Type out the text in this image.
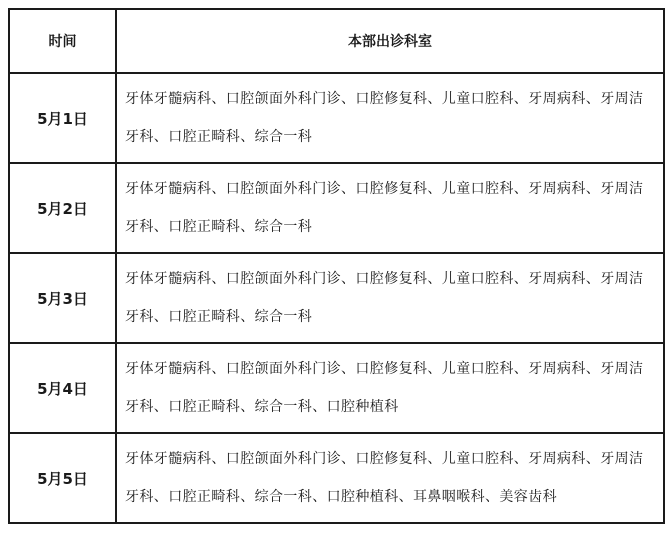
时间	本部出诊科室
5月1日	牙体牙髓病科、口腔颌面外科门诊、口腔修复科、儿童口腔科、牙周病科、牙周洁牙科、口腔正畸科、综合一科
5月2日	牙体牙髓病科、口腔颌面外科门诊、口腔修复科、儿童口腔科、牙周病科、牙周洁牙科、口腔正畸科、综合一科
5月3日	牙体牙髓病科、口腔颌面外科门诊、口腔修复科、儿童口腔科、牙周病科、牙周洁牙科、口腔正畸科、综合一科
5月4日	牙体牙髓病科、口腔颌面外科门诊、口腔修复科、儿童口腔科、牙周病科、牙周洁牙科、口腔正畸科、综合一科、口腔种植科
5月5日	牙体牙髓病科、口腔颌面外科门诊、口腔修复科、儿童口腔科、牙周病科、牙周洁牙科、口腔正畸科、综合一科、口腔种植科、耳鼻咽喉科、美容齿科
